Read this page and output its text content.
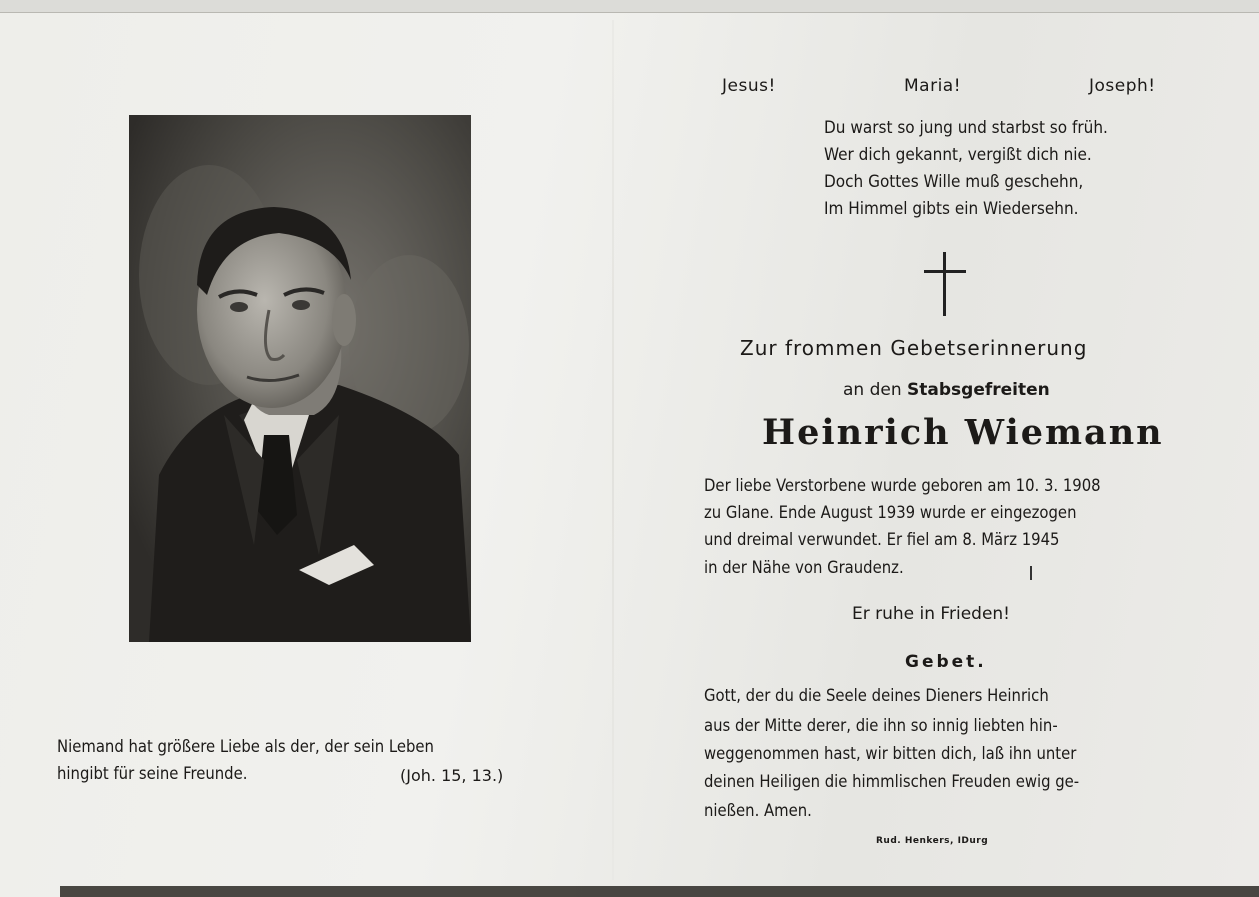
Jesus!	Maria!	Joseph!
Du warst so jung und starbst so früh.
Wer dich gekannt, vergißt dich nie.
Doch Gottes Wille muß geschehn,
Im Himmel gibts ein Wiedersehn.
Zur frommen Gebetserinnerung
an den Stabsgefreiten
Heinrich Wiemann
Der liebe Verstorbene wurde geboren am 10. 3. 1908
zu Glane. Ende August 1939 wurde er eingezogen
und dreimal verwundet. Er fiel am 8. März 1945
in der Nähe von Graudenz.
Er ruhe in Frieden!
Gebet.
Gott, der du die Seele deines Dieners Heinrich
aus der Mitte derer, die ihn so innig liebten hin-
weggenommen hast, wir bitten dich, laß ihn unter
deinen Heiligen die himmlischen Freuden ewig ge-
nießen. Amen.
Rud. Henkers, IDurg
Niemand hat größere Liebe als der, der sein Leben
hingibt für seine Freunde.	(Joh. 15, 13.)
